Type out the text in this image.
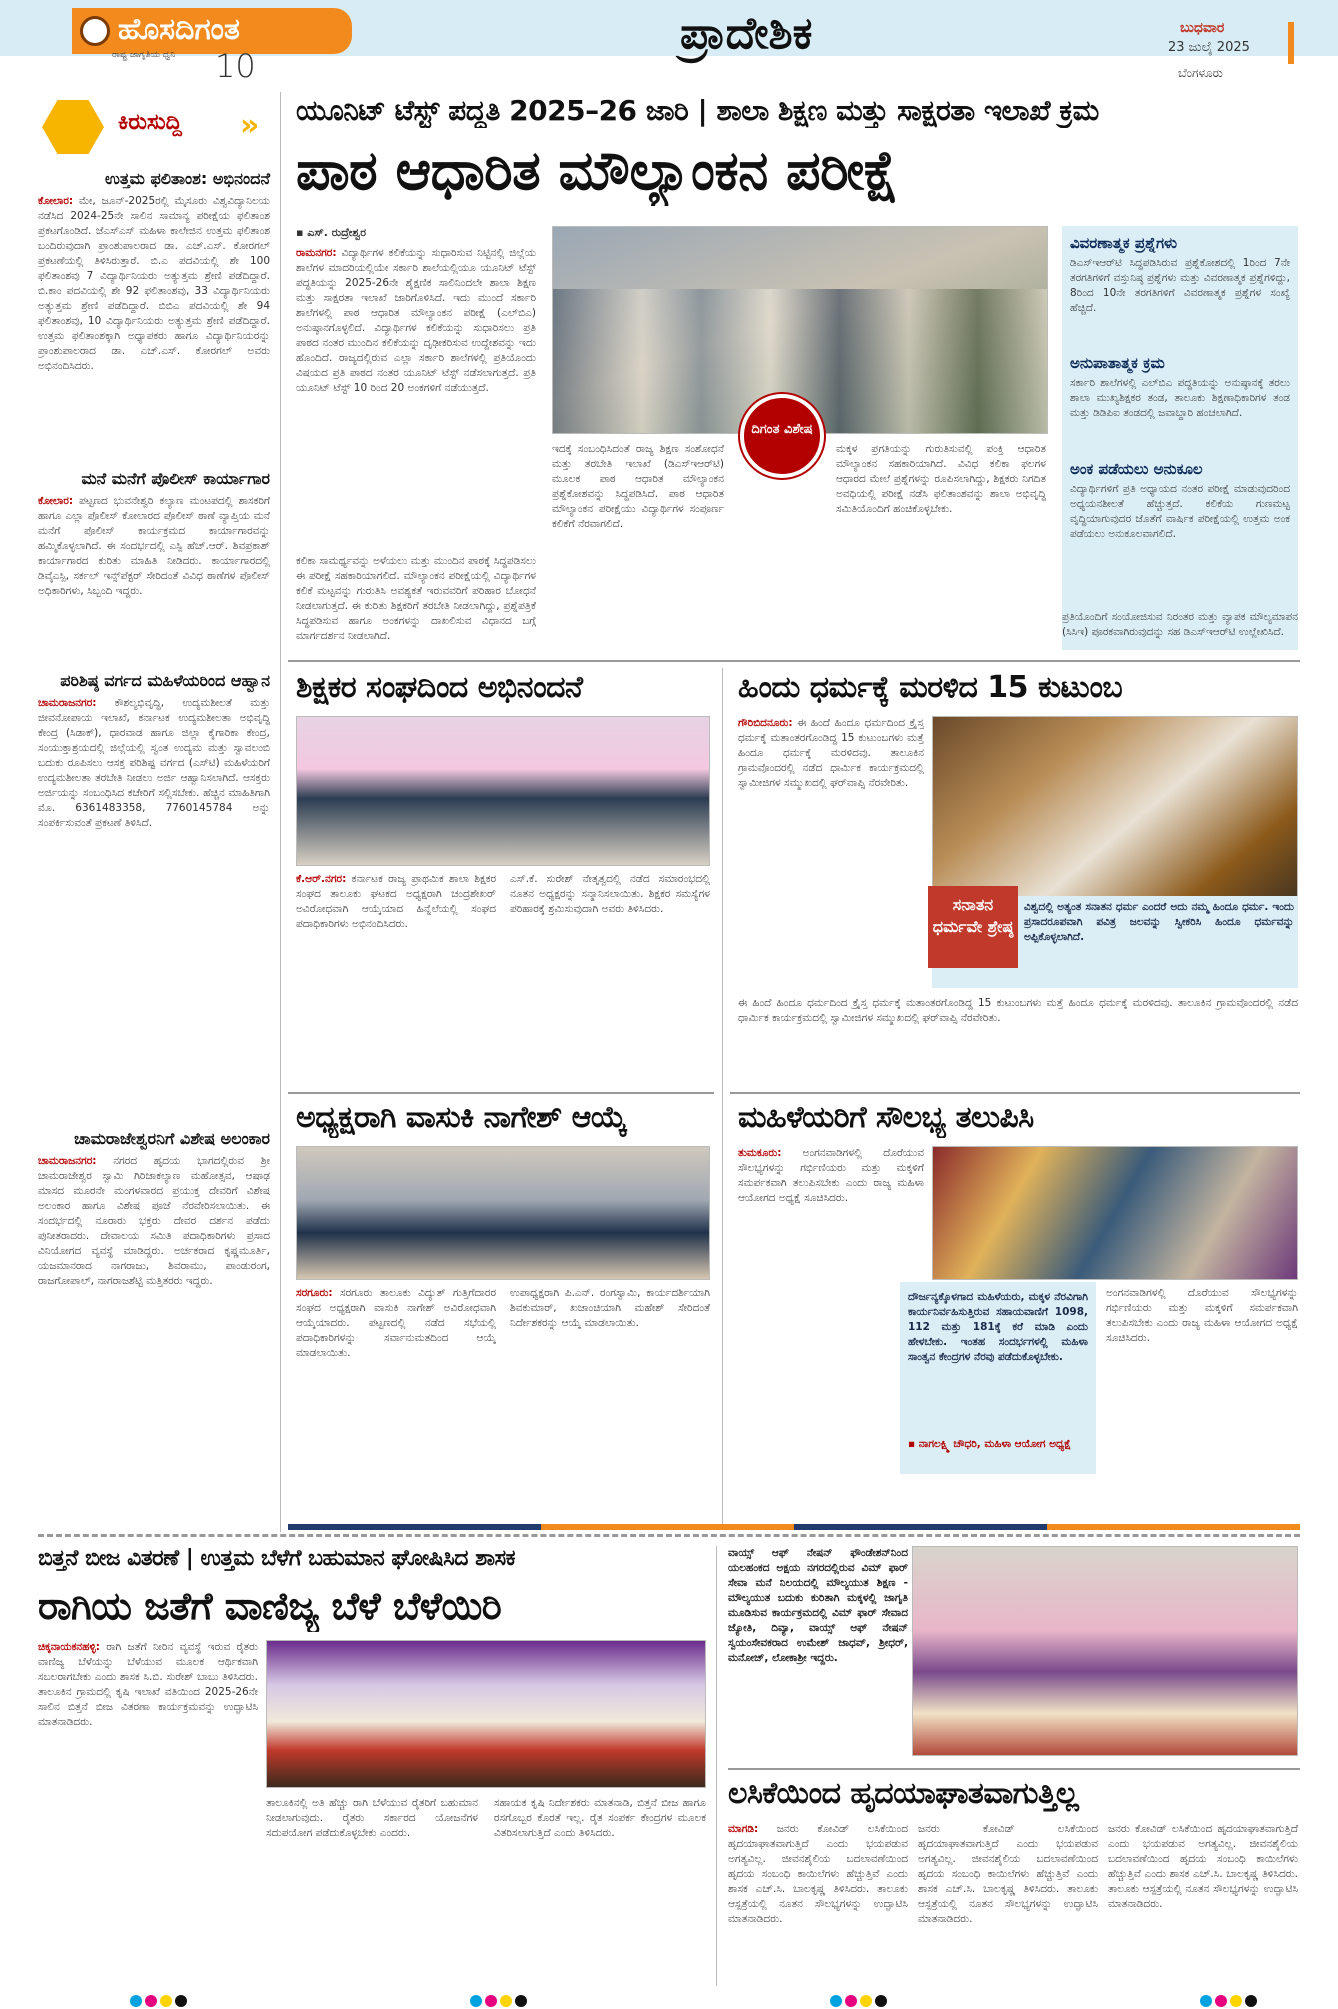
ಹೊಸದಿಗಂತ
ರಾಷ್ಟ್ರ ಜಾಗೃತಿಯ ಧ್ವನಿ 10
ಪ್ರಾದೇಶಿಕ	ಬುಧವಾರ
23 ಜುಲೈ 2025
ಬೆಂಗಳೂರು
ಕಿರುಸುದ್ದಿ »
ಉತ್ತಮ ಫಲಿತಾಂಶ: ಅಭಿನಂದನೆ
ಕೋಲಾರ: ಮೇ, ಜೂನ್-2025ರಲ್ಲಿ ಮೈಸೂರು ವಿಶ್ವವಿದ್ಯಾನಿಲಯ ನಡೆಸಿದ 2024-25ನೇ ಸಾಲಿನ ಸಾಮಾನ್ಯ ಪರೀಕ್ಷೆಯ ಫಲಿತಾಂಶ ಪ್ರಕಟಗೊಂಡಿದೆ. ಜೆಎಸ್ಎಸ್ ಮಹಿಳಾ ಕಾಲೇಜಿನ ಉತ್ತಮ ಫಲಿತಾಂಶ ಬಂದಿರುವುದಾಗಿ ಪ್ರಾಂಶುಪಾಲರಾದ ಡಾ. ಎಚ್.ಎಸ್. ಕೋರಗಲ್ ಪ್ರಕಟಣೆಯಲ್ಲಿ ತಿಳಿಸಿರುತ್ತಾರೆ. ಬಿ.ಎ ಪದವಿಯಲ್ಲಿ ಶೇ 100 ಫಲಿತಾಂಶವು 7 ವಿದ್ಯಾರ್ಥಿನಿಯರು ಅತ್ಯುತ್ತಮ ಶ್ರೇಣಿ ಪಡೆದಿದ್ದಾರೆ. ಬಿ.ಕಾಂ ಪದವಿಯಲ್ಲಿ ಶೇ 92 ಫಲಿತಾಂಶವು, 33 ವಿದ್ಯಾರ್ಥಿನಿಯರು ಅತ್ಯುತ್ತಮ ಶ್ರೇಣಿ ಪಡೆದಿದ್ದಾರೆ. ಬಿಬಿಎ ಪದವಿಯಲ್ಲಿ ಶೇ 94 ಫಲಿತಾಂಶವು, 10 ವಿದ್ಯಾರ್ಥಿನಿಯರು ಅತ್ಯುತ್ತಮ ಶ್ರೇಣಿ ಪಡೆದಿದ್ದಾರೆ. ಉತ್ತಮ ಫಲಿತಾಂಶಕ್ಕಾಗಿ ಅಧ್ಯಾಪಕರು ಹಾಗೂ ವಿದ್ಯಾರ್ಥಿನಿಯರನ್ನು ಪ್ರಾಂಶುಪಾಲರಾದ ಡಾ. ಎಚ್.ಎಸ್. ಕೋರಗಲ್ ಅವರು ಅಭಿನಂದಿಸಿದರು.
ಮನೆ ಮನೆಗೆ ಪೊಲೀಸ್ ಕಾರ್ಯಾಗಾರ
ಕೋಲಾರ: ಪಟ್ಟಣದ ಭುವನೇಶ್ವರಿ ಕಲ್ಯಾಣ ಮಂಟಪದಲ್ಲಿ ಶಾಸಕರಿಗೆ ಹಾಗೂ ಎಲ್ಲಾ ಪೊಲೀಸ್ ಕೋಲಾರದ ಪೊಲೀಸ್ ಠಾಣೆ ವ್ಯಾಪ್ತಿಯ ಮನೆ ಮನೆಗೆ ಪೊಲೀಸ್ ಕಾರ್ಯಕ್ರಮದ ಕಾರ್ಯಾಗಾರವನ್ನು ಹಮ್ಮಿಕೊಳ್ಳಲಾಗಿದೆ. ಈ ಸಂದರ್ಭದಲ್ಲಿ ಎಸ್ಪಿ ಹೆಚ್.ಆರ್. ಶಿವಪ್ರಕಾಶ್ ಕಾರ್ಯಾಗಾರದ ಕುರಿತು ಮಾಹಿತಿ ನೀಡಿದರು. ಕಾರ್ಯಾಗಾರದಲ್ಲಿ ಡಿವೈಎಸ್ಪಿ, ಸರ್ಕಲ್ ಇನ್ಸ್‌ಪೆಕ್ಟರ್ ಸೇರಿದಂತೆ ವಿವಿಧ ಠಾಣೆಗಳ ಪೊಲೀಸ್ ಅಧಿಕಾರಿಗಳು, ಸಿಬ್ಬಂದಿ ಇದ್ದರು.
ಪರಿಶಿಷ್ಠ ವರ್ಗದ ಮಹಿಳೆಯರಿಂದ ಆಹ್ವಾನ
ಚಾಮರಾಜನಗರ: ಕೌಶಲ್ಯಭಿವೃದ್ಧಿ, ಉದ್ಯಮಶೀಲತೆ ಮತ್ತು ಜೀವನೋಪಾಯ ಇಲಾಖೆ, ಕರ್ನಾಟಕ ಉದ್ಯಮಶೀಲತಾ ಅಭಿವೃದ್ಧಿ ಕೇಂದ್ರ (ಸಿಡಾಕ್), ಧಾರವಾಡ ಹಾಗೂ ಜಿಲ್ಲಾ ಕೈಗಾರಿಕಾ ಕೇಂದ್ರ, ಸಂಯುಕ್ತಾಶ್ರಯದಲ್ಲಿ ಜಿಲ್ಲೆಯಲ್ಲಿ ಸ್ವಂತ ಉದ್ಯಮ ಮತ್ತು ಸ್ವಾವಲಂಬಿ ಬದುಕು ರೂಪಿಸಲು ಆಸಕ್ತ ಪರಿಶಿಷ್ಟ ವರ್ಗದ (ಎಸ್‌ಟಿ) ಮಹಿಳೆಯರಿಗೆ ಉದ್ಯಮಶೀಲತಾ ತರಬೇತಿ ನೀಡಲು ಅರ್ಜಿ ಆಹ್ವಾನಿಸಲಾಗಿದೆ. ಆಸಕ್ತರು ಅರ್ಜಿಯನ್ನು ಸಂಬಂಧಿಸಿದ ಕಚೇರಿಗೆ ಸಲ್ಲಿಸಬೇಕು. ಹೆಚ್ಚಿನ ಮಾಹಿತಿಗಾಗಿ ಮೊ. 6361483358, 7760145784 ಅನ್ನು ಸಂಪರ್ಕಿಸುವಂತೆ ಪ್ರಕಟಣೆ ತಿಳಿಸಿದೆ.
ಚಾಮರಾಜೇಶ್ವರನಿಗೆ ವಿಶೇಷ ಅಲಂಕಾರ
ಚಾಮರಾಜನಗರ: ನಗರದ ಹೃದಯ ಭಾಗದಲ್ಲಿರುವ ಶ್ರೀ ಚಾಮರಾಜೇಶ್ವರ ಸ್ವಾಮಿ ಗಿರಿಜಾಕಲ್ಯಾಣ ಮಹೋತ್ಸವ, ಆಷಾಢ ಮಾಸದ ಮೂರನೇ ಮಂಗಳವಾರದ ಪ್ರಯುಕ್ತ ದೇವರಿಗೆ ವಿಶೇಷ ಅಲಂಕಾರ ಹಾಗೂ ವಿಶೇಷ ಪೂಜೆ ನೆರವೇರಿಸಲಾಯಿತು. ಈ ಸಂದರ್ಭದಲ್ಲಿ ನೂರಾರು ಭಕ್ತರು ದೇವರ ದರ್ಶನ ಪಡೆದು ಪುನೀತರಾದರು. ದೇವಾಲಯ ಸಮಿತಿ ಪದಾಧಿಕಾರಿಗಳು ಪ್ರಸಾದ ವಿನಿಯೋಗದ ವ್ಯವಸ್ಥೆ ಮಾಡಿದ್ದರು. ಅರ್ಚಕರಾದ ಕೃಷ್ಣಮೂರ್ತಿ, ಯಜಮಾನರಾದ ನಾಗರಾಜು, ಶಿವರಾಮು, ಪಾಂಡುರಂಗ, ರಾಜಗೋಪಾಲ್, ನಾಗರಾಜಶೆಟ್ಟಿ ಮತ್ತಿತರರು ಇದ್ದರು.
ಯೂನಿಟ್ ಟೆಸ್ಟ್ ಪದ್ಧತಿ 2025–26 ಜಾರಿ | ಶಾಲಾ ಶಿಕ್ಷಣ ಮತ್ತು ಸಾಕ್ಷರತಾ ಇಲಾಖೆ ಕ್ರಮ
ಪಾಠ ಆಧಾರಿತ ಮೌಲ್ಯಾಂಕನ ಪರೀಕ್ಷೆ
▪ ಎಸ್. ರುದ್ರೇಶ್ವರ
ರಾಮನಗರ: ವಿದ್ಯಾರ್ಥಿಗಳ ಕಲಿಕೆಯನ್ನು ಸುಧಾರಿಸುವ ನಿಟ್ಟಿನಲ್ಲಿ ಜಿಲ್ಲೆಯ ಶಾಲೆಗಳ ಮಾದರಿಯಲ್ಲಿಯೇ ಸರ್ಕಾರಿ ಶಾಲೆಯಲ್ಲಿಯೂ ಯೂನಿಟ್ ಟೆಸ್ಟ್ ಪದ್ಧತಿಯನ್ನು 2025-26ನೇ ಶೈಕ್ಷಣಿಕ ಸಾಲಿನಿಂದಲೇ ಶಾಲಾ ಶಿಕ್ಷಣ ಮತ್ತು ಸಾಕ್ಷರತಾ ಇಲಾಖೆ ಜಾರಿಗೊಳಿಸಿದೆ. ಇದು ಮುಂದೆ ಸರ್ಕಾರಿ ಶಾಲೆಗಳಲ್ಲಿ ಪಾಠ ಆಧಾರಿತ ಮೌಲ್ಯಾಂಕನ ಪರೀಕ್ಷೆ (ಎಲ್‌ಬಿಎ) ಅನುಷ್ಠಾನಗೊಳ್ಳಲಿದೆ. ವಿದ್ಯಾರ್ಥಿಗಳ ಕಲಿಕೆಯನ್ನು ಸುಧಾರಿಸಲು ಪ್ರತಿ ಪಾಠದ ನಂತರ ಮುಂದಿನ ಕಲಿಕೆಯನ್ನು ದೃಢೀಕರಿಸುವ ಉದ್ದೇಶವನ್ನು ಇದು ಹೊಂದಿದೆ. ರಾಜ್ಯದಲ್ಲಿರುವ ಎಲ್ಲಾ ಸರ್ಕಾರಿ ಶಾಲೆಗಳಲ್ಲಿ ಪ್ರತಿಯೊಂದು ವಿಷಯದ ಪ್ರತಿ ಪಾಠದ ನಂತರ ಯೂನಿಟ್ ಟೆಸ್ಟ್ ನಡೆಸಲಾಗುತ್ತದೆ. ಪ್ರತಿ ಯೂನಿಟ್ ಟೆಸ್ಟ್ 10 ರಿಂದ 20 ಅಂಕಗಳಿಗೆ ನಡೆಯುತ್ತದೆ.
ಕಲಿಕಾ ಸಾಮರ್ಥ್ಯವನ್ನು ಅಳೆಯಲು ಮತ್ತು ಮುಂದಿನ ಪಾಠಕ್ಕೆ ಸಿದ್ಧಪಡಿಸಲು ಈ ಪರೀಕ್ಷೆ ಸಹಕಾರಿಯಾಗಲಿದೆ. ಮೌಲ್ಯಾಂಕನ ಪರೀಕ್ಷೆಯಲ್ಲಿ ವಿದ್ಯಾರ್ಥಿಗಳ ಕಲಿಕೆ ಮಟ್ಟವನ್ನು ಗುರುತಿಸಿ ಅವಶ್ಯಕತೆ ಇರುವವರಿಗೆ ಪರಿಹಾರ ಬೋಧನೆ ನೀಡಲಾಗುತ್ತದೆ. ಈ ಕುರಿತು ಶಿಕ್ಷಕರಿಗೆ ತರಬೇತಿ ನೀಡಲಾಗಿದ್ದು, ಪ್ರಶ್ನೆಪತ್ರಿಕೆ ಸಿದ್ಧಪಡಿಸುವ ಹಾಗೂ ಅಂಕಗಳನ್ನು ದಾಖಲಿಸುವ ವಿಧಾನದ ಬಗ್ಗೆ ಮಾರ್ಗದರ್ಶನ ನೀಡಲಾಗಿದೆ.
ದಿಗಂತ ವಿಶೇಷ
ಇದಕ್ಕೆ ಸಂಬಂಧಿಸಿದಂತೆ ರಾಜ್ಯ ಶಿಕ್ಷಣ ಸಂಶೋಧನೆ ಮತ್ತು ತರಬೇತಿ ಇಲಾಖೆ (ಡಿಎಸ್‌ಇಆರ್‌ಟಿ) ಮೂಲಕ ಪಾಠ ಆಧಾರಿತ ಮೌಲ್ಯಾಂಕನ ಪ್ರಶ್ನೆಕೋಶವನ್ನು ಸಿದ್ಧಪಡಿಸಿದೆ. ಪಾಠ ಆಧಾರಿತ ಮೌಲ್ಯಾಂಕನ ಪರೀಕ್ಷೆಯು ವಿದ್ಯಾರ್ಥಿಗಳ ಸಂಪೂರ್ಣ ಕಲಿಕೆಗೆ ನೆರವಾಗಲಿದೆ.
ಮಕ್ಕಳ ಪ್ರಗತಿಯನ್ನು ಗುರುತಿಸುವಲ್ಲಿ ಪಂಕ್ತಿ ಆಧಾರಿತ ಮೌಲ್ಯಾಂಕನ ಸಹಕಾರಿಯಾಗಿದೆ. ವಿವಿಧ ಕಲಿಕಾ ಫಲಗಳ ಆಧಾರದ ಮೇಲೆ ಪ್ರಶ್ನೆಗಳನ್ನು ರೂಪಿಸಲಾಗಿದ್ದು, ಶಿಕ್ಷಕರು ನಿಗದಿತ ಅವಧಿಯಲ್ಲಿ ಪರೀಕ್ಷೆ ನಡೆಸಿ ಫಲಿತಾಂಶವನ್ನು ಶಾಲಾ ಅಭಿವೃದ್ಧಿ ಸಮಿತಿಯೊಂದಿಗೆ ಹಂಚಿಕೊಳ್ಳಬೇಕು.
ವಿವರಣಾತ್ಮಕ ಪ್ರಶ್ನೆಗಳು
ಡಿಎಸ್‌ಇಆರ್‌ಟಿ ಸಿದ್ಧಪಡಿಸಿರುವ ಪ್ರಶ್ನೆಕೋಶದಲ್ಲಿ 1ರಿಂದ 7ನೇ ತರಗತಿಗಳಿಗೆ ವಸ್ತುನಿಷ್ಠ ಪ್ರಶ್ನೆಗಳು ಮತ್ತು ವಿವರಣಾತ್ಮಕ ಪ್ರಶ್ನೆಗಳಿದ್ದು, 8ರಿಂದ 10ನೇ ತರಗತಿಗಳಿಗೆ ವಿವರಣಾತ್ಮಕ ಪ್ರಶ್ನೆಗಳ ಸಂಖ್ಯೆ ಹೆಚ್ಚಿದೆ.
ಅನುಪಾತಾತ್ಮಕ ಕ್ರಮ
ಸರ್ಕಾರಿ ಶಾಲೆಗಳಲ್ಲಿ ಎಲ್‌ಬಿಎ ಪದ್ಧತಿಯನ್ನು ಅನುಷ್ಠಾನಕ್ಕೆ ತರಲು ಶಾಲಾ ಮುಖ್ಯಶಿಕ್ಷಕರ ತಂಡ, ತಾಲೂಕು ಶಿಕ್ಷಣಾಧಿಕಾರಿಗಳ ತಂಡ ಮತ್ತು ಡಿಡಿಪಿಐ ತಂಡದಲ್ಲಿ ಜವಾಬ್ದಾರಿ ಹಂಚಲಾಗಿದೆ.
ಅಂಕ ಪಡೆಯಲು ಅನುಕೂಲ
ವಿದ್ಯಾರ್ಥಿಗಳಿಗೆ ಪ್ರತಿ ಅಧ್ಯಾಯದ ನಂತರ ಪರೀಕ್ಷೆ ಮಾಡುವುದರಿಂದ ಅಧ್ಯಯನಶೀಲತೆ ಹೆಚ್ಚುತ್ತದೆ. ಕಲಿಕೆಯ ಗುಣಮಟ್ಟ ವೃದ್ಧಿಯಾಗುವುದರ ಜೊತೆಗೆ ವಾರ್ಷಿಕ ಪರೀಕ್ಷೆಯಲ್ಲಿ ಉತ್ತಮ ಅಂಕ ಪಡೆಯಲು ಅನುಕೂಲವಾಗಲಿದೆ.
ಪ್ರತಿಯೊಂದಿಗೆ ಸಂಯೋಜಿಸುವ ನಿರಂತರ ಮತ್ತು ವ್ಯಾಪಕ ಮೌಲ್ಯಮಾಪನ (ಸಿಸಿಇ) ಪೂರಕವಾಗಿರುವುದನ್ನು ಸಹ ಡಿಎಸ್‌ಇಆರ್‌ಟಿ ಉಲ್ಲೇಖಿಸಿದೆ.
ಶಿಕ್ಷಕರ ಸಂಘದಿಂದ ಅಭಿನಂದನೆ
ಕೆ.ಆರ್.ನಗರ: ಕರ್ನಾಟಕ ರಾಜ್ಯ ಪ್ರಾಥಮಿಕ ಶಾಲಾ ಶಿಕ್ಷಕರ ಸಂಘದ ತಾಲೂಕು ಘಟಕದ ಅಧ್ಯಕ್ಷರಾಗಿ ಚಂದ್ರಶೇಖರ್ ಅವಿರೋಧವಾಗಿ ಆಯ್ಕೆಯಾದ ಹಿನ್ನೆಲೆಯಲ್ಲಿ ಸಂಘದ ಪದಾಧಿಕಾರಿಗಳು ಅಭಿನಂದಿಸಿದರು.
ಎಸ್.ಕೆ. ಸುರೇಶ್ ನೇತೃತ್ವದಲ್ಲಿ ನಡೆದ ಸಮಾರಂಭದಲ್ಲಿ ನೂತನ ಅಧ್ಯಕ್ಷರನ್ನು ಸನ್ಮಾನಿಸಲಾಯಿತು. ಶಿಕ್ಷಕರ ಸಮಸ್ಯೆಗಳ ಪರಿಹಾರಕ್ಕೆ ಶ್ರಮಿಸುವುದಾಗಿ ಅವರು ತಿಳಿಸಿದರು.
ಹಿಂದು ಧರ್ಮಕ್ಕೆ ಮರಳಿದ 15 ಕುಟುಂಬ
ಗೌರಿಬಿದನೂರು: ಈ ಹಿಂದೆ ಹಿಂದೂ ಧರ್ಮದಿಂದ ಕ್ರೈಸ್ತ ಧರ್ಮಕ್ಕೆ ಮತಾಂತರಗೊಂಡಿದ್ದ 15 ಕುಟುಂಬಗಳು ಮತ್ತೆ ಹಿಂದೂ ಧರ್ಮಕ್ಕೆ ಮರಳಿದವು. ತಾಲೂಕಿನ ಗ್ರಾಮವೊಂದರಲ್ಲಿ ನಡೆದ ಧಾರ್ಮಿಕ ಕಾರ್ಯಕ್ರಮದಲ್ಲಿ ಸ್ವಾಮೀಜಿಗಳ ಸಮ್ಮುಖದಲ್ಲಿ ಘರ್‌ವಾಪ್ಸಿ ನೆರವೇರಿತು.
ಸನಾತನ ಧರ್ಮವೇ ಶ್ರೇಷ್ಠ
ವಿಶ್ವದಲ್ಲಿ ಅತ್ಯಂತ ಸನಾತನ ಧರ್ಮ ಎಂದರೆ ಅದು ನಮ್ಮ ಹಿಂದೂ ಧರ್ಮ. ಇಂದು ಪ್ರಸಾದರೂಪವಾಗಿ ಪವಿತ್ರ ಜಲವನ್ನು ಸ್ವೀಕರಿಸಿ ಹಿಂದೂ ಧರ್ಮವನ್ನು ಅಪ್ಪಿಕೊಳ್ಳಲಾಗಿದೆ.
ಈ ಹಿಂದೆ ಹಿಂದೂ ಧರ್ಮದಿಂದ ಕ್ರೈಸ್ತ ಧರ್ಮಕ್ಕೆ ಮತಾಂತರಗೊಂಡಿದ್ದ 15 ಕುಟುಂಬಗಳು ಮತ್ತೆ ಹಿಂದೂ ಧರ್ಮಕ್ಕೆ ಮರಳಿದವು. ತಾಲೂಕಿನ ಗ್ರಾಮವೊಂದರಲ್ಲಿ ನಡೆದ ಧಾರ್ಮಿಕ ಕಾರ್ಯಕ್ರಮದಲ್ಲಿ ಸ್ವಾಮೀಜಿಗಳ ಸಮ್ಮುಖದಲ್ಲಿ ಘರ್‌ವಾಪ್ಸಿ ನೆರವೇರಿತು.
ಅಧ್ಯಕ್ಷರಾಗಿ ವಾಸುಕಿ ನಾಗೇಶ್ ಆಯ್ಕೆ
ಸರಗೂರು: ಸರಗೂರು ತಾಲೂಕು ವಿದ್ಯುತ್ ಗುತ್ತಿಗೆದಾರರ ಸಂಘದ ಅಧ್ಯಕ್ಷರಾಗಿ ವಾಸುಕಿ ನಾಗೇಶ್ ಅವಿರೋಧವಾಗಿ ಆಯ್ಕೆಯಾದರು. ಪಟ್ಟಣದಲ್ಲಿ ನಡೆದ ಸಭೆಯಲ್ಲಿ ಪದಾಧಿಕಾರಿಗಳನ್ನು ಸರ್ವಾನುಮತದಿಂದ ಆಯ್ಕೆ ಮಾಡಲಾಯಿತು.
ಉಪಾಧ್ಯಕ್ಷರಾಗಿ ಪಿ.ಎನ್. ರಂಗಸ್ವಾಮಿ, ಕಾರ್ಯದರ್ಶಿಯಾಗಿ ಶಿವಕುಮಾರ್, ಖಜಾಂಚಿಯಾಗಿ ಮಹೇಶ್ ಸೇರಿದಂತೆ ನಿರ್ದೇಶಕರನ್ನು ಆಯ್ಕೆ ಮಾಡಲಾಯಿತು.
ಮಹಿಳೆಯರಿಗೆ ಸೌಲಭ್ಯ ತಲುಪಿಸಿ
ತುಮಕೂರು: ಅಂಗನವಾಡಿಗಳಲ್ಲಿ ದೊರೆಯುವ ಸೌಲಭ್ಯಗಳನ್ನು ಗರ್ಭಿಣಿಯರು ಮತ್ತು ಮಕ್ಕಳಿಗೆ ಸಮರ್ಪಕವಾಗಿ ತಲುಪಿಸಬೇಕು ಎಂದು ರಾಜ್ಯ ಮಹಿಳಾ ಆಯೋಗದ ಅಧ್ಯಕ್ಷೆ ಸೂಚಿಸಿದರು.
ದೌರ್ಜನ್ಯಕ್ಕೊಳಗಾದ ಮಹಿಳೆಯರು, ಮಕ್ಕಳ ನೆರವಿಗಾಗಿ ಕಾರ್ಯನಿರ್ವಹಿಸುತ್ತಿರುವ ಸಹಾಯವಾಣಿಗೆ 1098, 112 ಮತ್ತು 181ಕ್ಕೆ ಕರೆ ಮಾಡಿ ಎಂದು ಹೇಳಬೇಕು. ಇಂತಹ ಸಂದರ್ಭಗಳಲ್ಲಿ ಮಹಿಳಾ ಸಾಂತ್ವನ ಕೇಂದ್ರಗಳ ನೆರವು ಪಡೆದುಕೊಳ್ಳಬೇಕು.
▪ ನಾಗಲಕ್ಷ್ಮಿ ಚೌಧರಿ, ಮಹಿಳಾ ಆಯೋಗ ಅಧ್ಯಕ್ಷೆ
ಅಂಗನವಾಡಿಗಳಲ್ಲಿ ದೊರೆಯುವ ಸೌಲಭ್ಯಗಳನ್ನು ಗರ್ಭಿಣಿಯರು ಮತ್ತು ಮಕ್ಕಳಿಗೆ ಸಮರ್ಪಕವಾಗಿ ತಲುಪಿಸಬೇಕು ಎಂದು ರಾಜ್ಯ ಮಹಿಳಾ ಆಯೋಗದ ಅಧ್ಯಕ್ಷೆ ಸೂಚಿಸಿದರು.
ಬಿತ್ತನೆ ಬೀಜ ವಿತರಣೆ | ಉತ್ತಮ ಬೆಳೆಗೆ ಬಹುಮಾನ ಘೋಷಿಸಿದ ಶಾಸಕ
ರಾಗಿಯ ಜತೆಗೆ ವಾಣಿಜ್ಯ ಬೆಳೆ ಬೆಳೆಯಿರಿ
ಚಿಕ್ಕನಾಯಕನಹಳ್ಳಿ: ರಾಗಿ ಜತೆಗೆ ನೀರಿನ ವ್ಯವಸ್ಥೆ ಇರುವ ರೈತರು ವಾಣಿಜ್ಯ ಬೆಳೆಯನ್ನು ಬೆಳೆಯುವ ಮೂಲಕ ಆರ್ಥಿಕವಾಗಿ ಸಬಲರಾಗಬೇಕು ಎಂದು ಶಾಸಕ ಸಿ.ಬಿ. ಸುರೇಶ್ ಬಾಬು ತಿಳಿಸಿದರು. ತಾಲೂಕಿನ ಗ್ರಾಮದಲ್ಲಿ ಕೃಷಿ ಇಲಾಖೆ ವತಿಯಿಂದ 2025-26ನೇ ಸಾಲಿನ ಬಿತ್ತನೆ ಬೀಜ ವಿತರಣಾ ಕಾರ್ಯಕ್ರಮವನ್ನು ಉದ್ಘಾಟಿಸಿ ಮಾತನಾಡಿದರು.
ತಾಲೂಕಿನಲ್ಲಿ ಅತಿ ಹೆಚ್ಚು ರಾಗಿ ಬೆಳೆಯುವ ರೈತರಿಗೆ ಬಹುಮಾನ ನೀಡಲಾಗುವುದು. ರೈತರು ಸರ್ಕಾರದ ಯೋಜನೆಗಳ ಸದುಪಯೋಗ ಪಡೆದುಕೊಳ್ಳಬೇಕು ಎಂದರು.
ಸಹಾಯಕ ಕೃಷಿ ನಿರ್ದೇಶಕರು ಮಾತನಾಡಿ, ಬಿತ್ತನೆ ಬೀಜ ಹಾಗೂ ರಸಗೊಬ್ಬರ ಕೊರತೆ ಇಲ್ಲ. ರೈತ ಸಂಪರ್ಕ ಕೇಂದ್ರಗಳ ಮೂಲಕ ವಿತರಿಸಲಾಗುತ್ತಿದೆ ಎಂದು ತಿಳಿಸಿದರು.
ವಾಯ್ಸ್ ಆಫ್ ನೇಷನ್ ಫೌಂಡೇಶನ್‌ನಿಂದ ಯಲಹಂಕದ ಅಕ್ಷಯ ನಗರದಲ್ಲಿರುವ ವಿಮ್ ಫಾರ್ ಸೇವಾ ಮನೆ ನಿಲಯದಲ್ಲಿ ಮೌಲ್ಯಯುತ ಶಿಕ್ಷಣ - ಮೌಲ್ಯಯುತ ಬದುಕು ಕುರಿತಾಗಿ ಮಕ್ಕಳಲ್ಲಿ ಜಾಗೃತಿ ಮೂಡಿಸುವ ಕಾರ್ಯಕ್ರಮದಲ್ಲಿ ವಿಮ್ ಫಾರ್ ಸೇವಾದ ಜ್ಯೋತಿ, ದಿವ್ಯಾ, ವಾಯ್ಸ್ ಆಫ್ ನೇಷನ್ ಸ್ವಯಂಸೇವಕರಾದ ಉಮೇಶ್ ಜಾಧವ್, ಶ್ರೀಧರ್, ಮನೋಜ್, ಲೋಕಾಶ್ರೀ ಇದ್ದರು.
ಲಸಿಕೆಯಿಂದ ಹೃದಯಾಘಾತವಾಗುತ್ತಿಲ್ಲ
ಮಾಗಡಿ: ಜನರು ಕೋವಿಡ್ ಲಸಿಕೆಯಿಂದ ಹೃದಯಾಘಾತವಾಗುತ್ತಿದೆ ಎಂದು ಭಯಪಡುವ ಅಗತ್ಯವಿಲ್ಲ. ಜೀವನಶೈಲಿಯ ಬದಲಾವಣೆಯಿಂದ ಹೃದಯ ಸಂಬಂಧಿ ಕಾಯಿಲೆಗಳು ಹೆಚ್ಚುತ್ತಿವೆ ಎಂದು ಶಾಸಕ ಎಚ್.ಸಿ. ಬಾಲಕೃಷ್ಣ ತಿಳಿಸಿದರು. ತಾಲೂಕು ಆಸ್ಪತ್ರೆಯಲ್ಲಿ ನೂತನ ಸೌಲಭ್ಯಗಳನ್ನು ಉದ್ಘಾಟಿಸಿ ಮಾತನಾಡಿದರು.
ಜನರು ಕೋವಿಡ್ ಲಸಿಕೆಯಿಂದ ಹೃದಯಾಘಾತವಾಗುತ್ತಿದೆ ಎಂದು ಭಯಪಡುವ ಅಗತ್ಯವಿಲ್ಲ. ಜೀವನಶೈಲಿಯ ಬದಲಾವಣೆಯಿಂದ ಹೃದಯ ಸಂಬಂಧಿ ಕಾಯಿಲೆಗಳು ಹೆಚ್ಚುತ್ತಿವೆ ಎಂದು ಶಾಸಕ ಎಚ್.ಸಿ. ಬಾಲಕೃಷ್ಣ ತಿಳಿಸಿದರು. ತಾಲೂಕು ಆಸ್ಪತ್ರೆಯಲ್ಲಿ ನೂತನ ಸೌಲಭ್ಯಗಳನ್ನು ಉದ್ಘಾಟಿಸಿ ಮಾತನಾಡಿದರು.
ಜನರು ಕೋವಿಡ್ ಲಸಿಕೆಯಿಂದ ಹೃದಯಾಘಾತವಾಗುತ್ತಿದೆ ಎಂದು ಭಯಪಡುವ ಅಗತ್ಯವಿಲ್ಲ. ಜೀವನಶೈಲಿಯ ಬದಲಾವಣೆಯಿಂದ ಹೃದಯ ಸಂಬಂಧಿ ಕಾಯಿಲೆಗಳು ಹೆಚ್ಚುತ್ತಿವೆ ಎಂದು ಶಾಸಕ ಎಚ್.ಸಿ. ಬಾಲಕೃಷ್ಣ ತಿಳಿಸಿದರು. ತಾಲೂಕು ಆಸ್ಪತ್ರೆಯಲ್ಲಿ ನೂತನ ಸೌಲಭ್ಯಗಳನ್ನು ಉದ್ಘಾಟಿಸಿ ಮಾತನಾಡಿದರು.
